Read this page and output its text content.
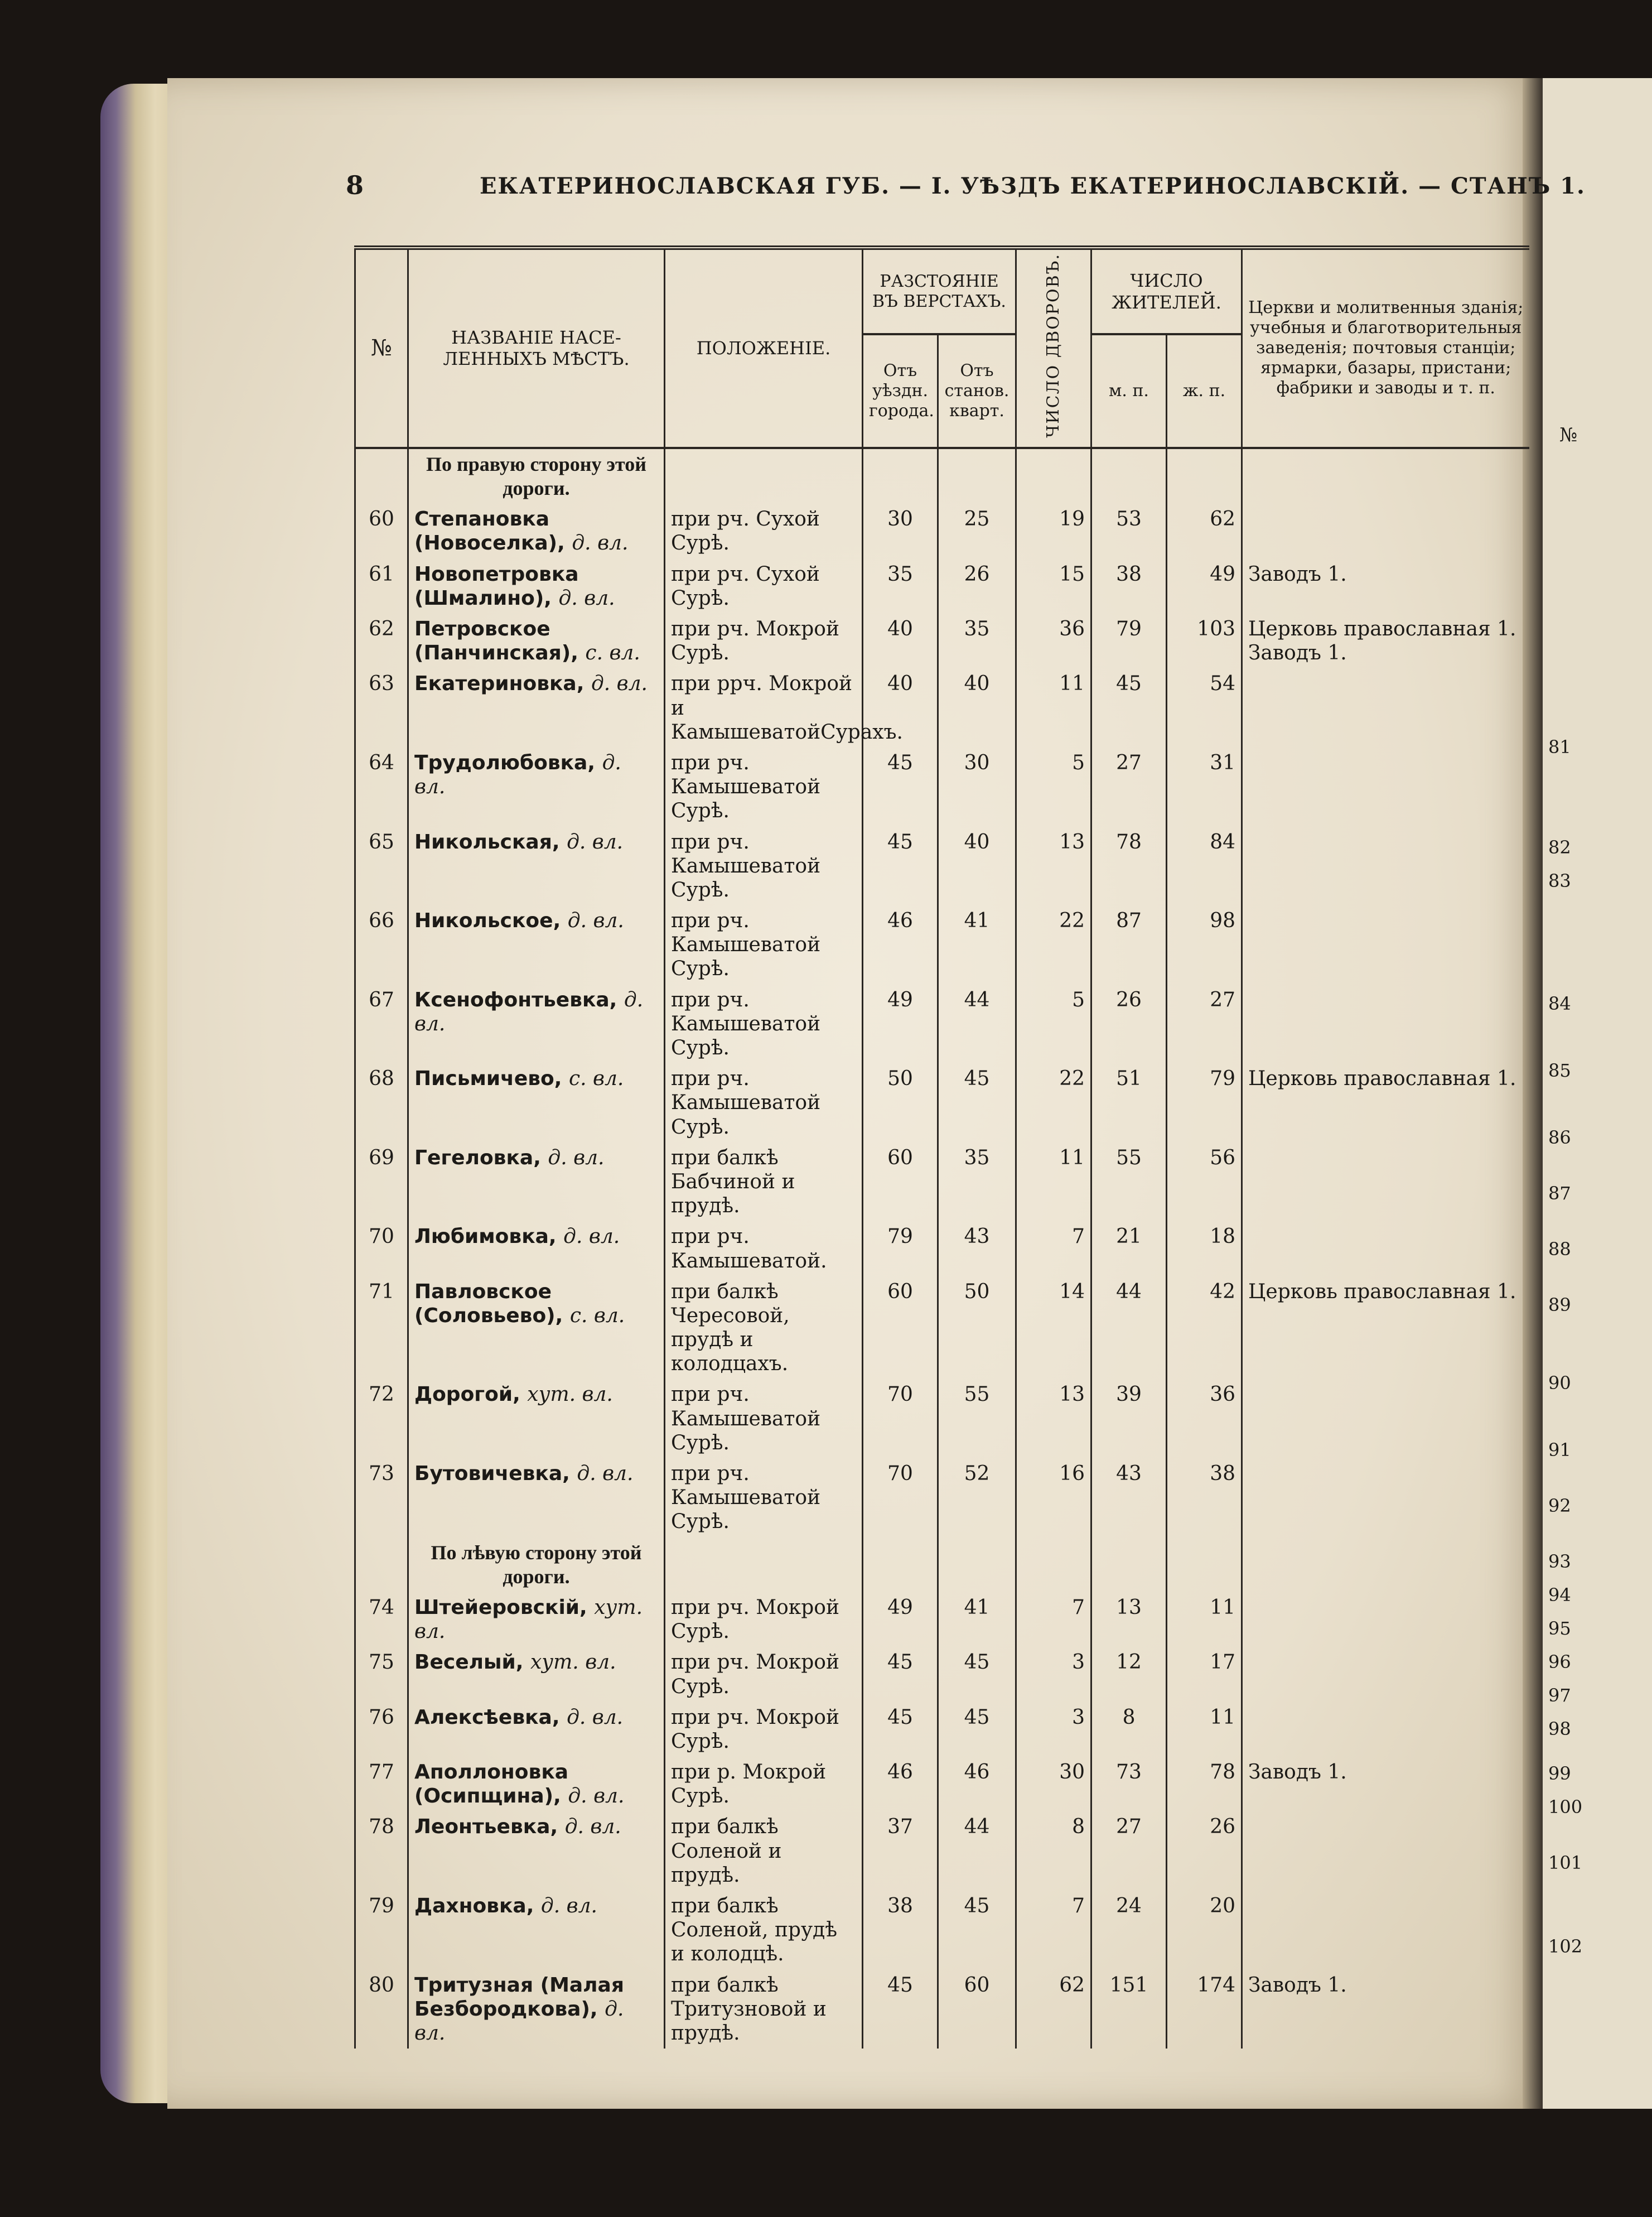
№
81
82
83
84
85
86
87
88
89
90
91
92
93
94
95
96
97
98
99
100
101
102
8	ЕКАТЕРИНОСЛАВСКАЯ ГУБ. — I. УѢЗДЪ ЕКАТЕРИНОСЛАВСКІЙ. — СТАНЪ 1.
№	НАЗВАНІЕ НАСЕ-ЛЕННЫХЪ МѢСТЪ.	ПОЛОЖЕНІЕ.	РАЗСТОЯНІЕ ВЪ ВЕРСТАХЪ.		ЧИСЛО ДВОРОВЪ.	ЧИСЛО ЖИТЕЛЕЙ.		Церкви и молитвенныя зданія; учебныя и благотворительныя заведенія; почтовыя станціи; ярмарки, базары, пристани; фабрики и заводы и т. п.
			Отъ уѣздн. города.	Отъ станов. кварт.		м. п.	ж. п.	
	По правую сторону этой дороги.							
60	Степановка (Новоселка), д. вл.	при рч. Сухой Сурѣ.	30	25	19	53	62	
61	Новопетровка (Шмалино), д. вл.	при рч. Сухой Сурѣ.	35	26	15	38	49	Заводъ 1.
62	Петровское (Панчинская), с. вл.	при рч. Мокрой Сурѣ.	40	35	36	79	103	Церковь православная 1. Заводъ 1.
63	Екатериновка, д. вл.	при ррч. Мокрой и КамышеватойСурахъ.	40	40	11	45	54	
64	Трудолюбовка, д. вл.	при рч. Камышеватой Сурѣ.	45	30	5	27	31	
65	Никольская, д. вл.	при рч. Камышеватой Сурѣ.	45	40	13	78	84	
66	Никольское, д. вл.	при рч. Камышеватой Сурѣ.	46	41	22	87	98	
67	Ксенофонтьевка, д. вл.	при рч. Камышеватой Сурѣ.	49	44	5	26	27	
68	Письмичево, с. вл.	при рч. Камышеватой Сурѣ.	50	45	22	51	79	Церковь православная 1.
69	Гегеловка, д. вл.	при балкѣ Бабчиной и прудѣ.	60	35	11	55	56	
70	Любимовка, д. вл.	при рч. Камышеватой.	79	43	7	21	18	
71	Павловское (Соловьево), с. вл.	при балкѣ Чересовой, прудѣ и колодцахъ.	60	50	14	44	42	Церковь православная 1.
72	Дорогой, хут. вл.	при рч. Камышеватой Сурѣ.	70	55	13	39	36	
73	Бутовичевка, д. вл.	при рч. Камышеватой Сурѣ.	70	52	16	43	38	
	По лѣвую сторону этой дороги.							
74	Штейеровскій, хут. вл.	при рч. Мокрой Сурѣ.	49	41	7	13	11	
75	Веселый, хут. вл.	при рч. Мокрой Сурѣ.	45	45	3	12	17	
76	Алексѣевка, д. вл.	при рч. Мокрой Сурѣ.	45	45	3	8	11	
77	Аполлоновка (Осипщина), д. вл.	при р. Мокрой Сурѣ.	46	46	30	73	78	Заводъ 1.
78	Леонтьевка, д. вл.	при балкѣ Соленой и прудѣ.	37	44	8	27	26	
79	Дахновка, д. вл.	при балкѣ Соленой, прудѣ и колодцѣ.	38	45	7	24	20	
80	Тритузная (Малая Безбородкова), д. вл.	при балкѣ Тритузновой и прудѣ.	45	60	62	151	174	Заводъ 1.
